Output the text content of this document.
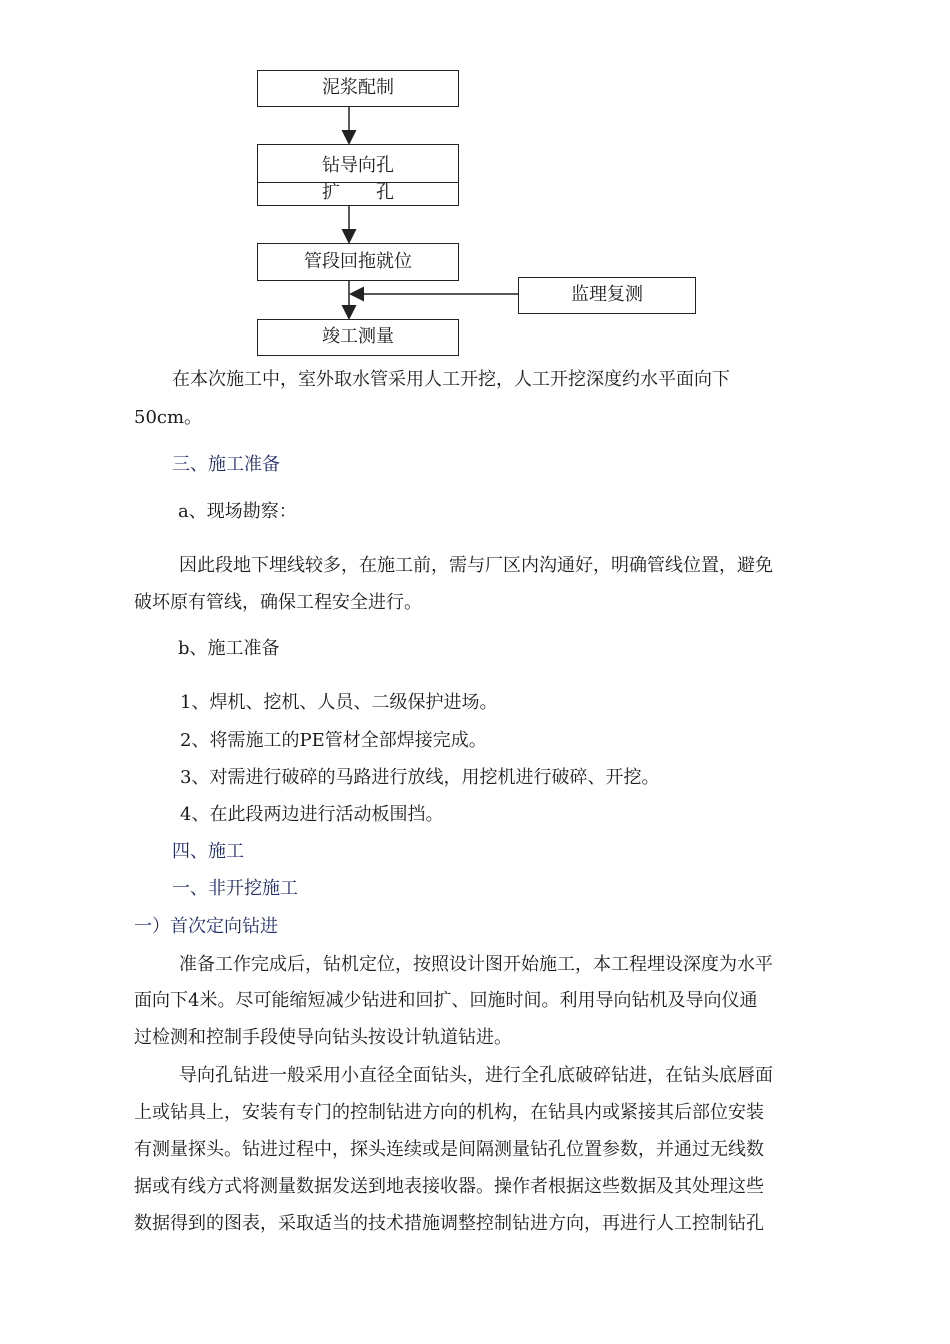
泥浆配制
钻导向孔
扩　　孔
管段回拖就位
竣工测量
监理复测
在本次施工中，室外取水管采用人工开挖，人工开挖深度约水平面向下
50cm。
三、施工准备
a、现场勘察：
因此段地下埋线较多，在施工前，需与厂区内沟通好，明确管线位置，避免
破坏原有管线，确保工程安全进行。
b、施工准备
1、焊机、挖机、人员、二级保护进场。
2、将需施工的PE管材全部焊接完成。
3、对需进行破碎的马路进行放线，用挖机进行破碎、开挖。
4、在此段两边进行活动板围挡。
四、施工
一、非开挖施工
一）首次定向钻进
准备工作完成后，钻机定位，按照设计图开始施工，本工程埋设深度为水平
面向下4米。尽可能缩短减少钻进和回扩、回施时间。利用导向钻机及导向仪通
过检测和控制手段使导向钻头按设计轨道钻进。
导向孔钻进一般采用小直径全面钻头，进行全孔底破碎钻进，在钻头底唇面
上或钻具上，安装有专门的控制钻进方向的机构，在钻具内或紧接其后部位安装
有测量探头。钻进过程中，探头连续或是间隔测量钻孔位置参数，并通过无线数
据或有线方式将测量数据发送到地表接收器。操作者根据这些数据及其处理这些
数据得到的图表，采取适当的技术措施调整控制钻进方向，再进行人工控制钻孔
